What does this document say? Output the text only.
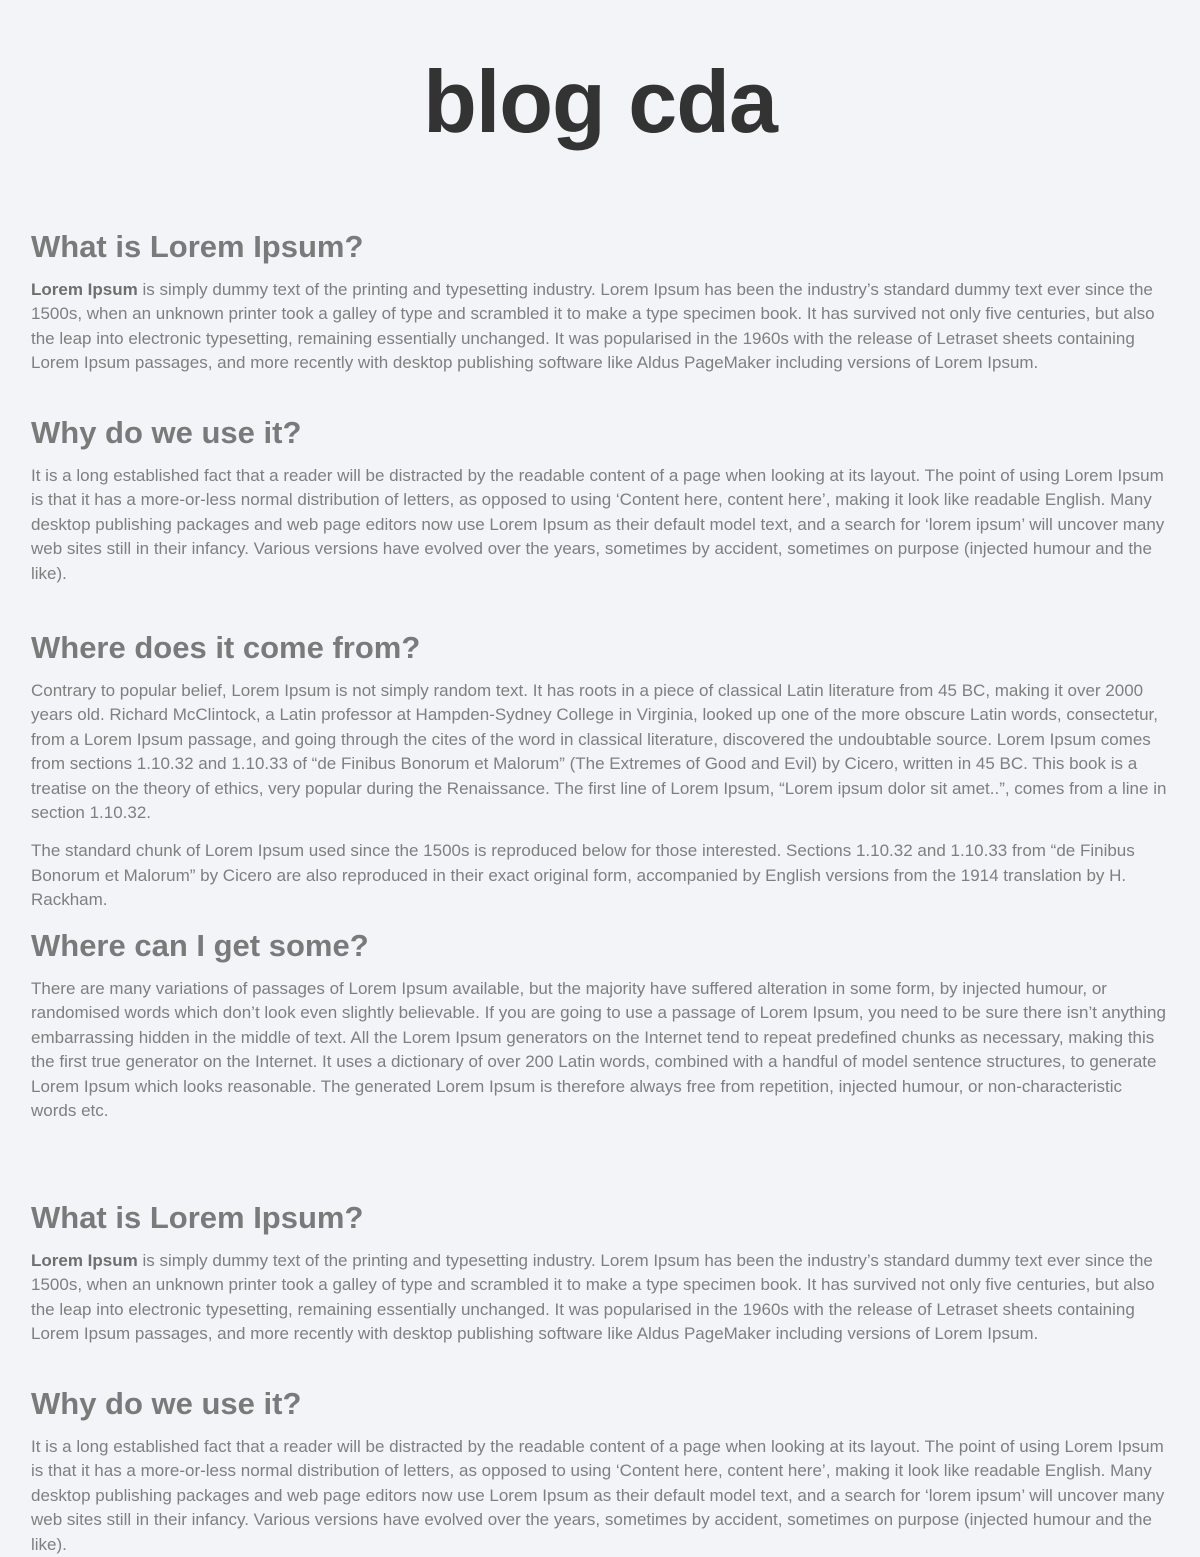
blog cda
What is Lorem Ipsum?

Lorem Ipsum is simply dummy text of the printing and typesetting industry. Lorem Ipsum has been the industry’s standard dummy text ever since the 1500s, when an unknown printer took a galley of type and scrambled it to make a type specimen book. It has survived not only five centuries, but also the leap into electronic typesetting, remaining essentially unchanged. It was popularised in the 1960s with the release of Letraset sheets containing Lorem Ipsum passages, and more recently with desktop publishing software like Aldus PageMaker including versions of Lorem Ipsum.

Why do we use it?

It is a long established fact that a reader will be distracted by the readable content of a page when looking at its layout. The point of using Lorem Ipsum is that it has a more-or-less normal distribution of letters, as opposed to using ‘Content here, content here’, making it look like readable English. Many desktop publishing packages and web page editors now use Lorem Ipsum as their default model text, and a search for ‘lorem ipsum’ will uncover many web sites still in their infancy. Various versions have evolved over the years, sometimes by accident, sometimes on purpose (injected humour and the like).

Where does it come from?

Contrary to popular belief, Lorem Ipsum is not simply random text. It has roots in a piece of classical Latin literature from 45 BC, making it over 2000 years old. Richard McClintock, a Latin professor at Hampden-Sydney College in Virginia, looked up one of the more obscure Latin words, consectetur, from a Lorem Ipsum passage, and going through the cites of the word in classical literature, discovered the undoubtable source. Lorem Ipsum comes from sections 1.10.32 and 1.10.33 of “de Finibus Bonorum et Malorum” (The Extremes of Good and Evil) by Cicero, written in 45 BC. This book is a treatise on the theory of ethics, very popular during the Renaissance. The first line of Lorem Ipsum, “Lorem ipsum dolor sit amet..”, comes from a line in section 1.10.32.

The standard chunk of Lorem Ipsum used since the 1500s is reproduced below for those interested. Sections 1.10.32 and 1.10.33 from “de Finibus Bonorum et Malorum” by Cicero are also reproduced in their exact original form, accompanied by English versions from the 1914 translation by H. Rackham.

Where can I get some?

There are many variations of passages of Lorem Ipsum available, but the majority have suffered alteration in some form, by injected humour, or randomised words which don’t look even slightly believable. If you are going to use a passage of Lorem Ipsum, you need to be sure there isn’t anything embarrassing hidden in the middle of text. All the Lorem Ipsum generators on the Internet tend to repeat predefined chunks as necessary, making this the first true generator on the Internet. It uses a dictionary of over 200 Latin words, combined with a handful of model sentence structures, to generate Lorem Ipsum which looks reasonable. The generated Lorem Ipsum is therefore always free from repetition, injected humour, or non-characteristic words etc.

What is Lorem Ipsum?

Lorem Ipsum is simply dummy text of the printing and typesetting industry. Lorem Ipsum has been the industry’s standard dummy text ever since the 1500s, when an unknown printer took a galley of type and scrambled it to make a type specimen book. It has survived not only five centuries, but also the leap into electronic typesetting, remaining essentially unchanged. It was popularised in the 1960s with the release of Letraset sheets containing Lorem Ipsum passages, and more recently with desktop publishing software like Aldus PageMaker including versions of Lorem Ipsum.

Why do we use it?

It is a long established fact that a reader will be distracted by the readable content of a page when looking at its layout. The point of using Lorem Ipsum is that it has a more-or-less normal distribution of letters, as opposed to using ‘Content here, content here’, making it look like readable English. Many desktop publishing packages and web page editors now use Lorem Ipsum as their default model text, and a search for ‘lorem ipsum’ will uncover many web sites still in their infancy. Various versions have evolved over the years, sometimes by accident, sometimes on purpose (injected humour and the like).
